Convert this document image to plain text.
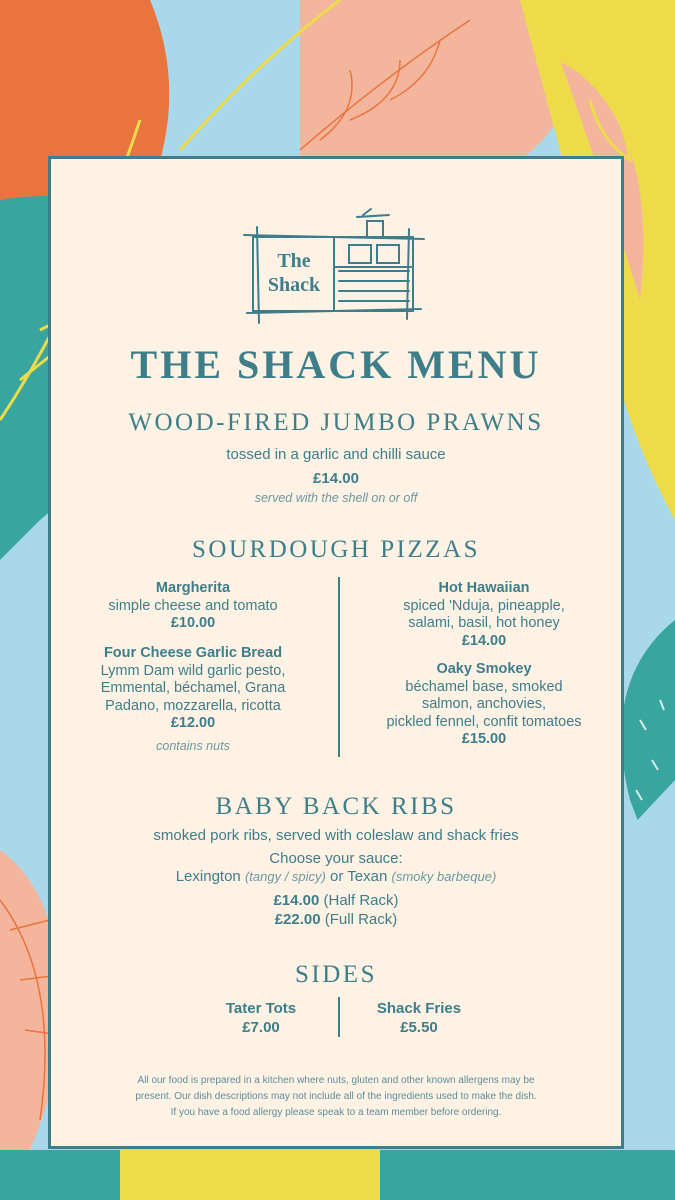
The
Shack
THE SHACK MENU
WOOD-FIRED JUMBO PRAWNS
tossed in a garlic and chilli sauce
£14.00
served with the shell on or off
SOURDOUGH PIZZAS
Margherita
simple cheese and tomato
£10.00
Four Cheese Garlic Bread
Lymm Dam wild garlic pesto,
Emmental, béchamel, Grana
Padano, mozzarella, ricotta
£12.00
contains nuts
Hot Hawaiian
spiced 'Nduja, pineapple,
salami, basil, hot honey
£14.00
Oaky Smokey
béchamel base, smoked
salmon, anchovies,
pickled fennel, confit tomatoes
£15.00
BABY BACK RIBS
smoked pork ribs, served with coleslaw and shack fries
Choose your sauce:
Lexington (tangy / spicy) or Texan (smoky barbeque)
£14.00 (Half Rack)
£22.00 (Full Rack)
SIDES
Tater Tots
£7.00
Shack Fries
£5.50
All our food is prepared in a kitchen where nuts, gluten and other known allergens may be
present. Our dish descriptions may not include all of the ingredients used to make the dish.
If you have a food allergy please speak to a team member before ordering.
